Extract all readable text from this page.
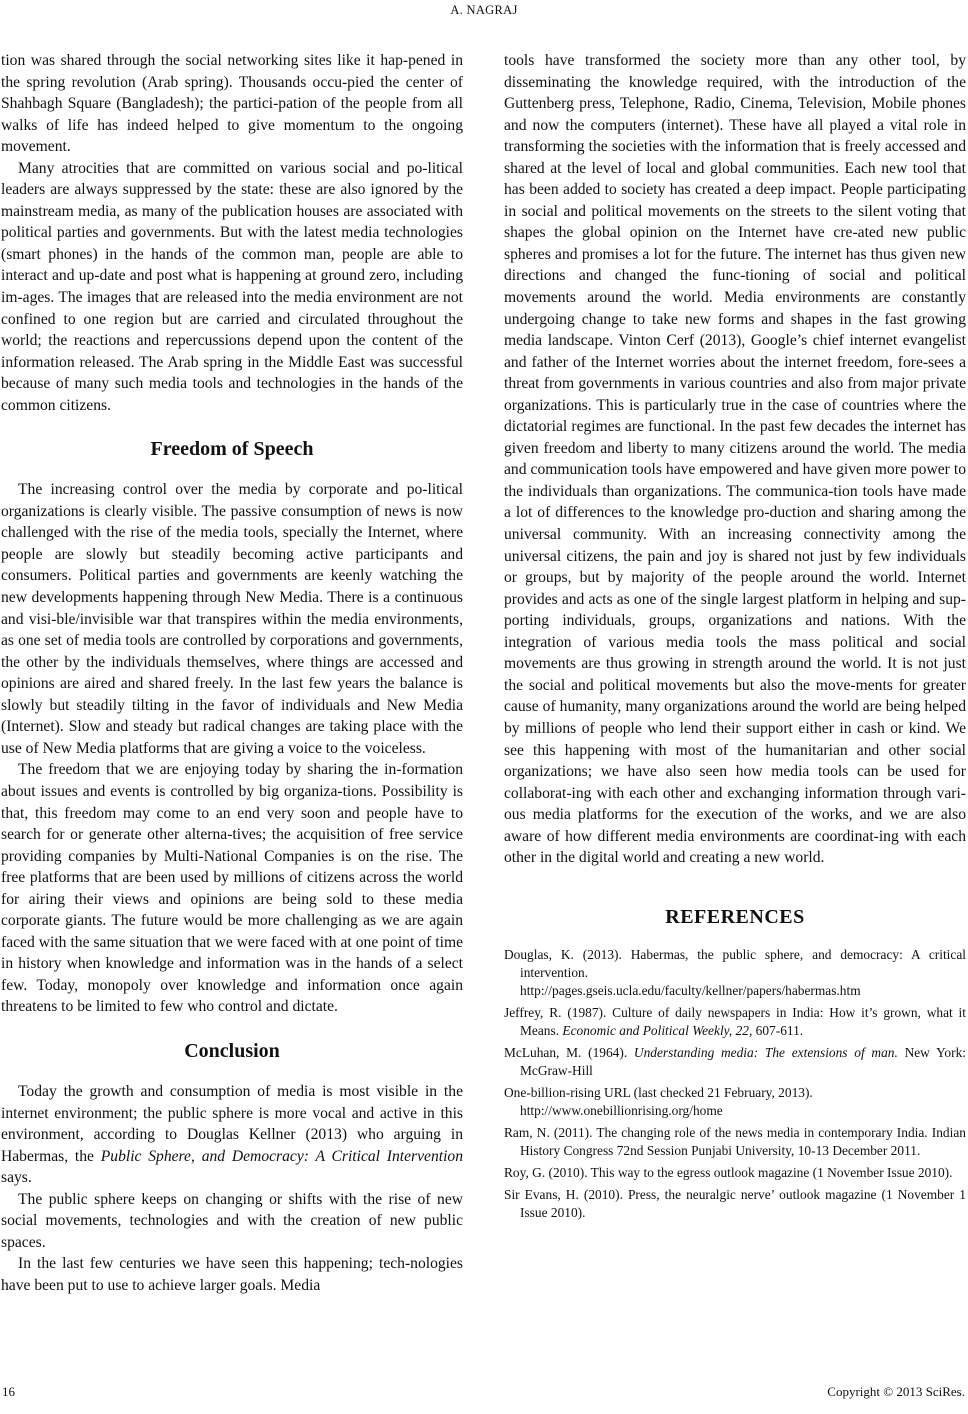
A. NAGRAJ

tion was shared through the social networking sites like it hap-pened in the spring revolution (Arab spring). Thousands occu-pied the center of Shahbagh Square (Bangladesh); the partici-pation of the people from all walks of life has indeed helped to give momentum to the ongoing movement.

Many atrocities that are committed on various social and po-litical leaders are always suppressed by the state: these are also ignored by the mainstream media, as many of the publication houses are associated with political parties and governments. But with the latest media technologies (smart phones) in the hands of the common man, people are able to interact and up-date and post what is happening at ground zero, including im-ages. The images that are released into the media environment are not confined to one region but are carried and circulated throughout the world; the reactions and repercussions depend upon the content of the information released. The Arab spring in the Middle East was successful because of many such media tools and technologies in the hands of the common citizens.

Freedom of Speech

The increasing control over the media by corporate and po-litical organizations is clearly visible. The passive consumption of news is now challenged with the rise of the media tools, specially the Internet, where people are slowly but steadily becoming active participants and consumers. Political parties and governments are keenly watching the new developments happening through New Media. There is a continuous and visi-ble/invisible war that transpires within the media environments, as one set of media tools are controlled by corporations and governments, the other by the individuals themselves, where things are accessed and opinions are aired and shared freely. In the last few years the balance is slowly but steadily tilting in the favor of individuals and New Media (Internet). Slow and steady but radical changes are taking place with the use of New Media platforms that are giving a voice to the voiceless.

The freedom that we are enjoying today by sharing the in-formation about issues and events is controlled by big organiza-tions. Possibility is that, this freedom may come to an end very soon and people have to search for or generate other alterna-tives; the acquisition of free service providing companies by Multi-National Companies is on the rise. The free platforms that are been used by millions of citizens across the world for airing their views and opinions are being sold to these media corporate giants. The future would be more challenging as we are again faced with the same situation that we were faced with at one point of time in history when knowledge and information was in the hands of a select few. Today, monopoly over knowledge and information once again threatens to be limited to few who control and dictate.

Conclusion

Today the growth and consumption of media is most visible in the internet environment; the public sphere is more vocal and active in this environment, according to Douglas Kellner (2013) who arguing in Habermas, the Public Sphere, and Democracy: A Critical Intervention says.

The public sphere keeps on changing or shifts with the rise of new social movements, technologies and with the creation of new public spaces.

In the last few centuries we have seen this happening; tech-nologies have been put to use to achieve larger goals. Media

tools have transformed the society more than any other tool, by disseminating the knowledge required, with the introduction of the Guttenberg press, Telephone, Radio, Cinema, Television, Mobile phones and now the computers (internet). These have all played a vital role in transforming the societies with the information that is freely accessed and shared at the level of local and global communities. Each new tool that has been added to society has created a deep impact. People participating in social and political movements on the streets to the silent voting that shapes the global opinion on the Internet have cre-ated new public spheres and promises a lot for the future. The internet has thus given new directions and changed the func-tioning of social and political movements around the world. Media environments are constantly undergoing change to take new forms and shapes in the fast growing media landscape. Vinton Cerf (2013), Google’s chief internet evangelist and father of the Internet worries about the internet freedom, fore-sees a threat from governments in various countries and also from major private organizations. This is particularly true in the case of countries where the dictatorial regimes are functional. In the past few decades the internet has given freedom and liberty to many citizens around the world. The media and communication tools have empowered and have given more power to the individuals than organizations. The communica-tion tools have made a lot of differences to the knowledge pro-duction and sharing among the universal community. With an increasing connectivity among the universal citizens, the pain and joy is shared not just by few individuals or groups, but by majority of the people around the world. Internet provides and acts as one of the single largest platform in helping and sup-porting individuals, groups, organizations and nations. With the integration of various media tools the mass political and social movements are thus growing in strength around the world. It is not just the social and political movements but also the move-ments for greater cause of humanity, many organizations around the world are being helped by millions of people who lend their support either in cash or kind. We see this happening with most of the humanitarian and other social organizations; we have also seen how media tools can be used for collaborat-ing with each other and exchanging information through vari-ous media platforms for the execution of the works, and we are also aware of how different media environments are coordinat-ing with each other in the digital world and creating a new world.

REFERENCES
Douglas, K. (2013). Habermas, the public sphere, and democracy: A critical intervention.
http://pages.gseis.ucla.edu/faculty/kellner/papers/habermas.htm
Jeffrey, R. (1987). Culture of daily newspapers in India: How it’s grown, what it Means. Economic and Political Weekly, 22, 607-611.
McLuhan, M. (1964). Understanding media: The extensions of man. New York: McGraw-Hill
One-billion-rising URL (last checked 21 February, 2013).
http://www.onebillionrising.org/home
Ram, N. (2011). The changing role of the news media in contemporary India. Indian History Congress 72nd Session Punjabi University, 10-13 December 2011.
Roy, G. (2010). This way to the egress outlook magazine (1 November Issue 2010).
Sir Evans, H. (2010). Press, the neuralgic nerve’ outlook magazine (1 November 1 Issue 2010).
16	Copyright © 2013 SciRes.
